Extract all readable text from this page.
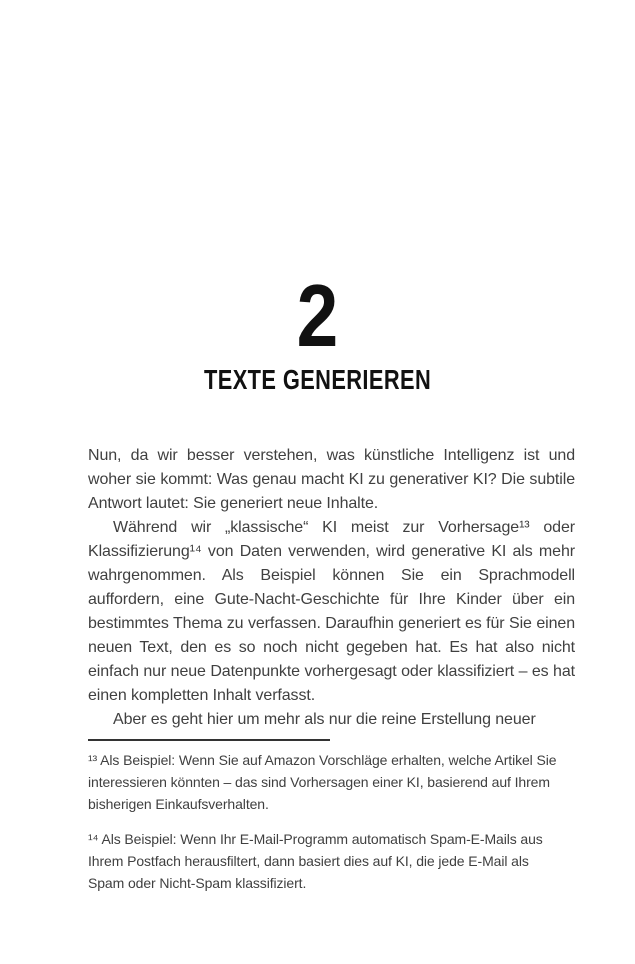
2
TEXTE GENERIEREN

Nun, da wir besser verstehen, was künstliche Intelligenz ist und woher sie kommt: Was genau macht KI zu generativer KI? Die subtile Antwort lautet: Sie generiert neue Inhalte.

Während wir „klassische“ KI meist zur Vorhersage¹³ oder Klassifizierung¹⁴ von Daten verwenden, wird generative KI als mehr wahrgenommen. Als Beispiel können Sie ein Sprachmodell auffordern, eine Gute-Nacht-Geschichte für Ihre Kinder über ein bestimmtes Thema zu verfassen. Daraufhin generiert es für Sie einen neuen Text, den es so noch nicht gegeben hat. Es hat also nicht einfach nur neue Datenpunkte vorhergesagt oder klassifiziert – es hat einen kompletten Inhalt verfasst.

Aber es geht hier um mehr als nur die reine Erstellung neuer

¹³ Als Beispiel: Wenn Sie auf Amazon Vorschläge erhalten, welche Artikel Sie interessieren könnten – das sind Vorhersagen einer KI, basierend auf Ihrem bisherigen Einkaufsverhalten.
¹⁴ Als Beispiel: Wenn Ihr E-Mail-Programm automatisch Spam-E-Mails aus Ihrem Postfach herausfiltert, dann basiert dies auf KI, die jede E-Mail als Spam oder Nicht-Spam klassifiziert.
